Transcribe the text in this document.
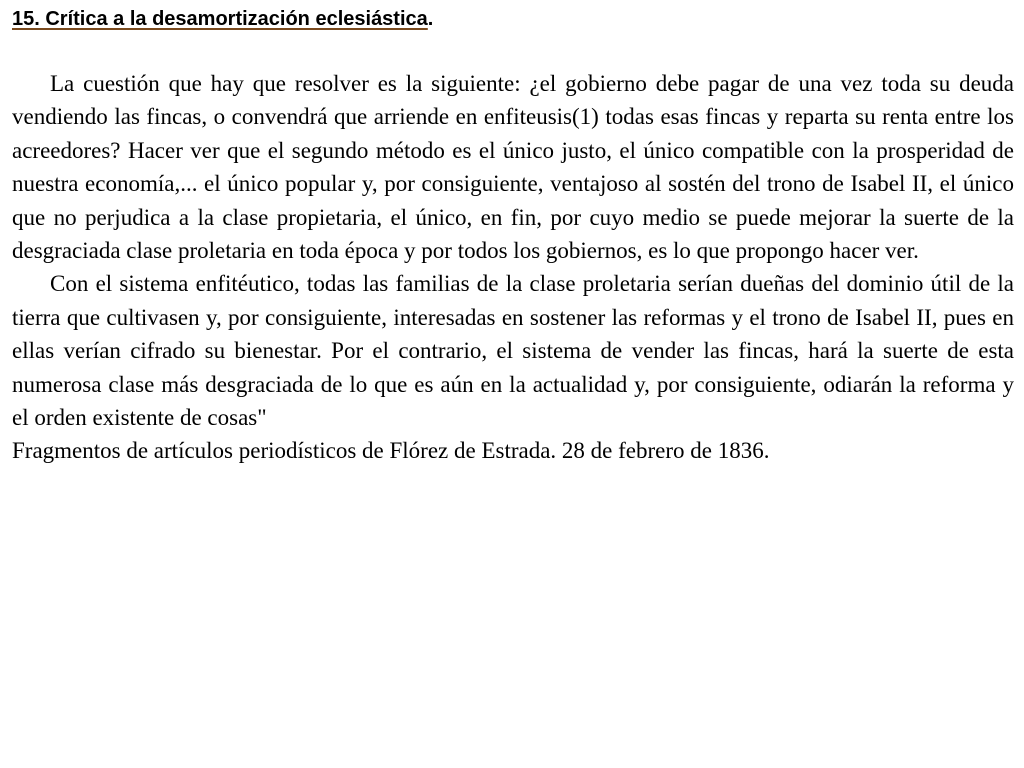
15. Crítica a la desamortización eclesiástica.

La cuestión que hay que resolver es la siguiente: ¿el gobierno debe pagar de una vez toda su deuda vendiendo las fincas, o convendrá que arriende en enfiteusis(1) todas esas fincas y reparta su renta entre los acreedores? Hacer ver que el segundo método es el único justo, el único compatible con la prosperidad de nuestra economía,... el único popular y, por consiguiente, ventajoso al sostén del trono de Isabel II, el único que no perjudica a la clase propietaria, el único, en fin, por cuyo medio se puede mejorar la suerte de la desgraciada clase proletaria en toda época y por todos los gobiernos, es lo que propongo hacer ver.

Con el sistema enfitéutico, todas las familias de la clase proletaria serían dueñas del dominio útil de la tierra que cultivasen y, por consiguiente, interesadas en sostener las reformas y el trono de Isabel II, pues en ellas verían cifrado su bienestar. Por el contrario, el sistema de vender las fincas, hará la suerte de esta numerosa clase más desgraciada de lo que es aún en la actualidad y, por consiguiente, odiarán la reforma y el orden existente de cosas"

Fragmentos de artículos periodísticos de Flórez de Estrada. 28 de febrero de 1836.
